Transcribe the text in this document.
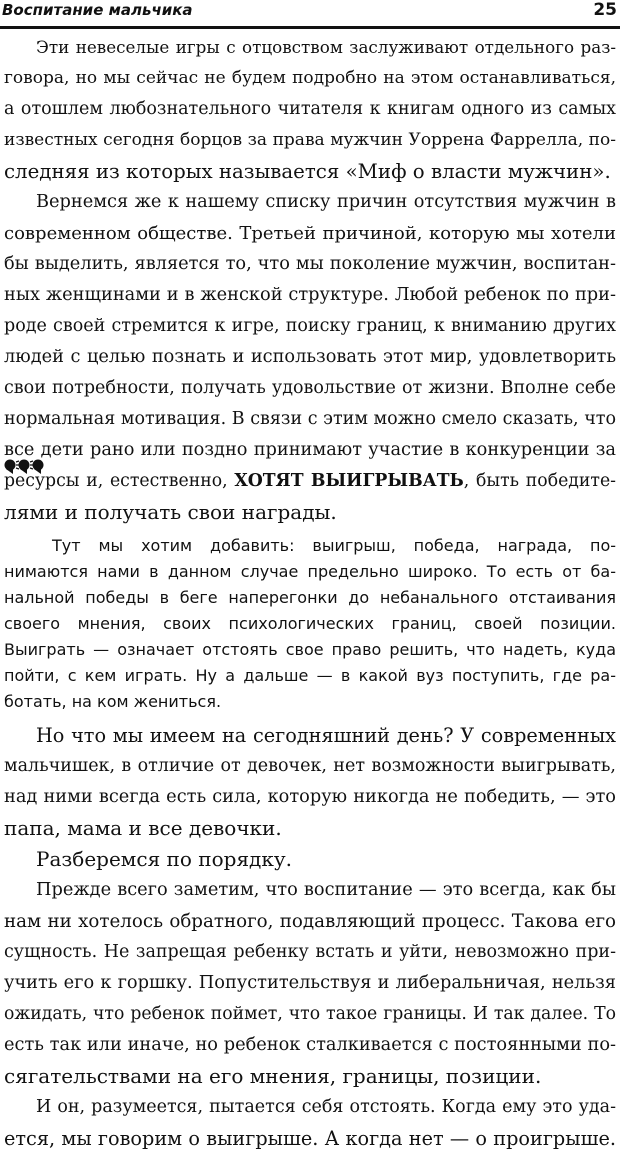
Воспитание мальчика	25
Эти невеселые игры с отцовством заслуживают отдельного раз-
говора, но мы сейчас не будем подробно на этом останавливаться,
а отошлем любознательного читателя к книгам одного из самых
известных сегодня борцов за права мужчин Уоррена Фаррелла, по-
следняя из которых называется «Миф о власти мужчин».
Вернемся же к нашему списку причин отсутствия мужчин в
современном обществе. Третьей причиной, которую мы хотели
бы выделить, является то, что мы поколение мужчин, воспитан-
ных женщинами и в женской структуре. Любой ребенок по при-
роде своей стремится к игре, поиску границ, к вниманию других
людей с целью познать и использовать этот мир, удовлетворить
свои потребности, получать удовольствие от жизни. Вполне себе
нормальная мотивация. В связи с этим можно смело сказать, что
все дети рано или поздно принимают участие в конкуренции за
ресурсы и, естественно, ХОТЯТ ВЫИГРЫВАТЬ, быть победите-
лями и получать свои награды.
Тут мы хотим добавить: выигрыш, победа, награда, по-
нимаются нами в данном случае предельно широко. То есть от ба-
нальной победы в беге наперегонки до небанального отстаивания
своего мнения, своих психологических границ, своей позиции.
Выиграть — означает отстоять свое право решить, что надеть, куда
пойти, с кем играть. Ну а дальше — в какой вуз поступить, где ра-
ботать, на ком жениться.
Но что мы имеем на сегодняшний день? У современных
мальчишек, в отличие от девочек, нет возможности выигрывать,
над ними всегда есть сила, которую никогда не победить, — это
папа, мама и все девочки.
Разберемся по порядку.
Прежде всего заметим, что воспитание — это всегда, как бы
нам ни хотелось обратного, подавляющий процесс. Такова его
сущность. Не запрещая ребенку встать и уйти, невозможно при-
учить его к горшку. Попустительствуя и либеральничая, нельзя
ожидать, что ребенок поймет, что такое границы. И так далее. То
есть так или иначе, но ребенок сталкивается с постоянными по-
сягательствами на его мнения, границы, позиции.
И он, разумеется, пытается себя отстоять. Когда ему это уда-
ется, мы говорим о выигрыше. А когда нет — о проигрыше.
